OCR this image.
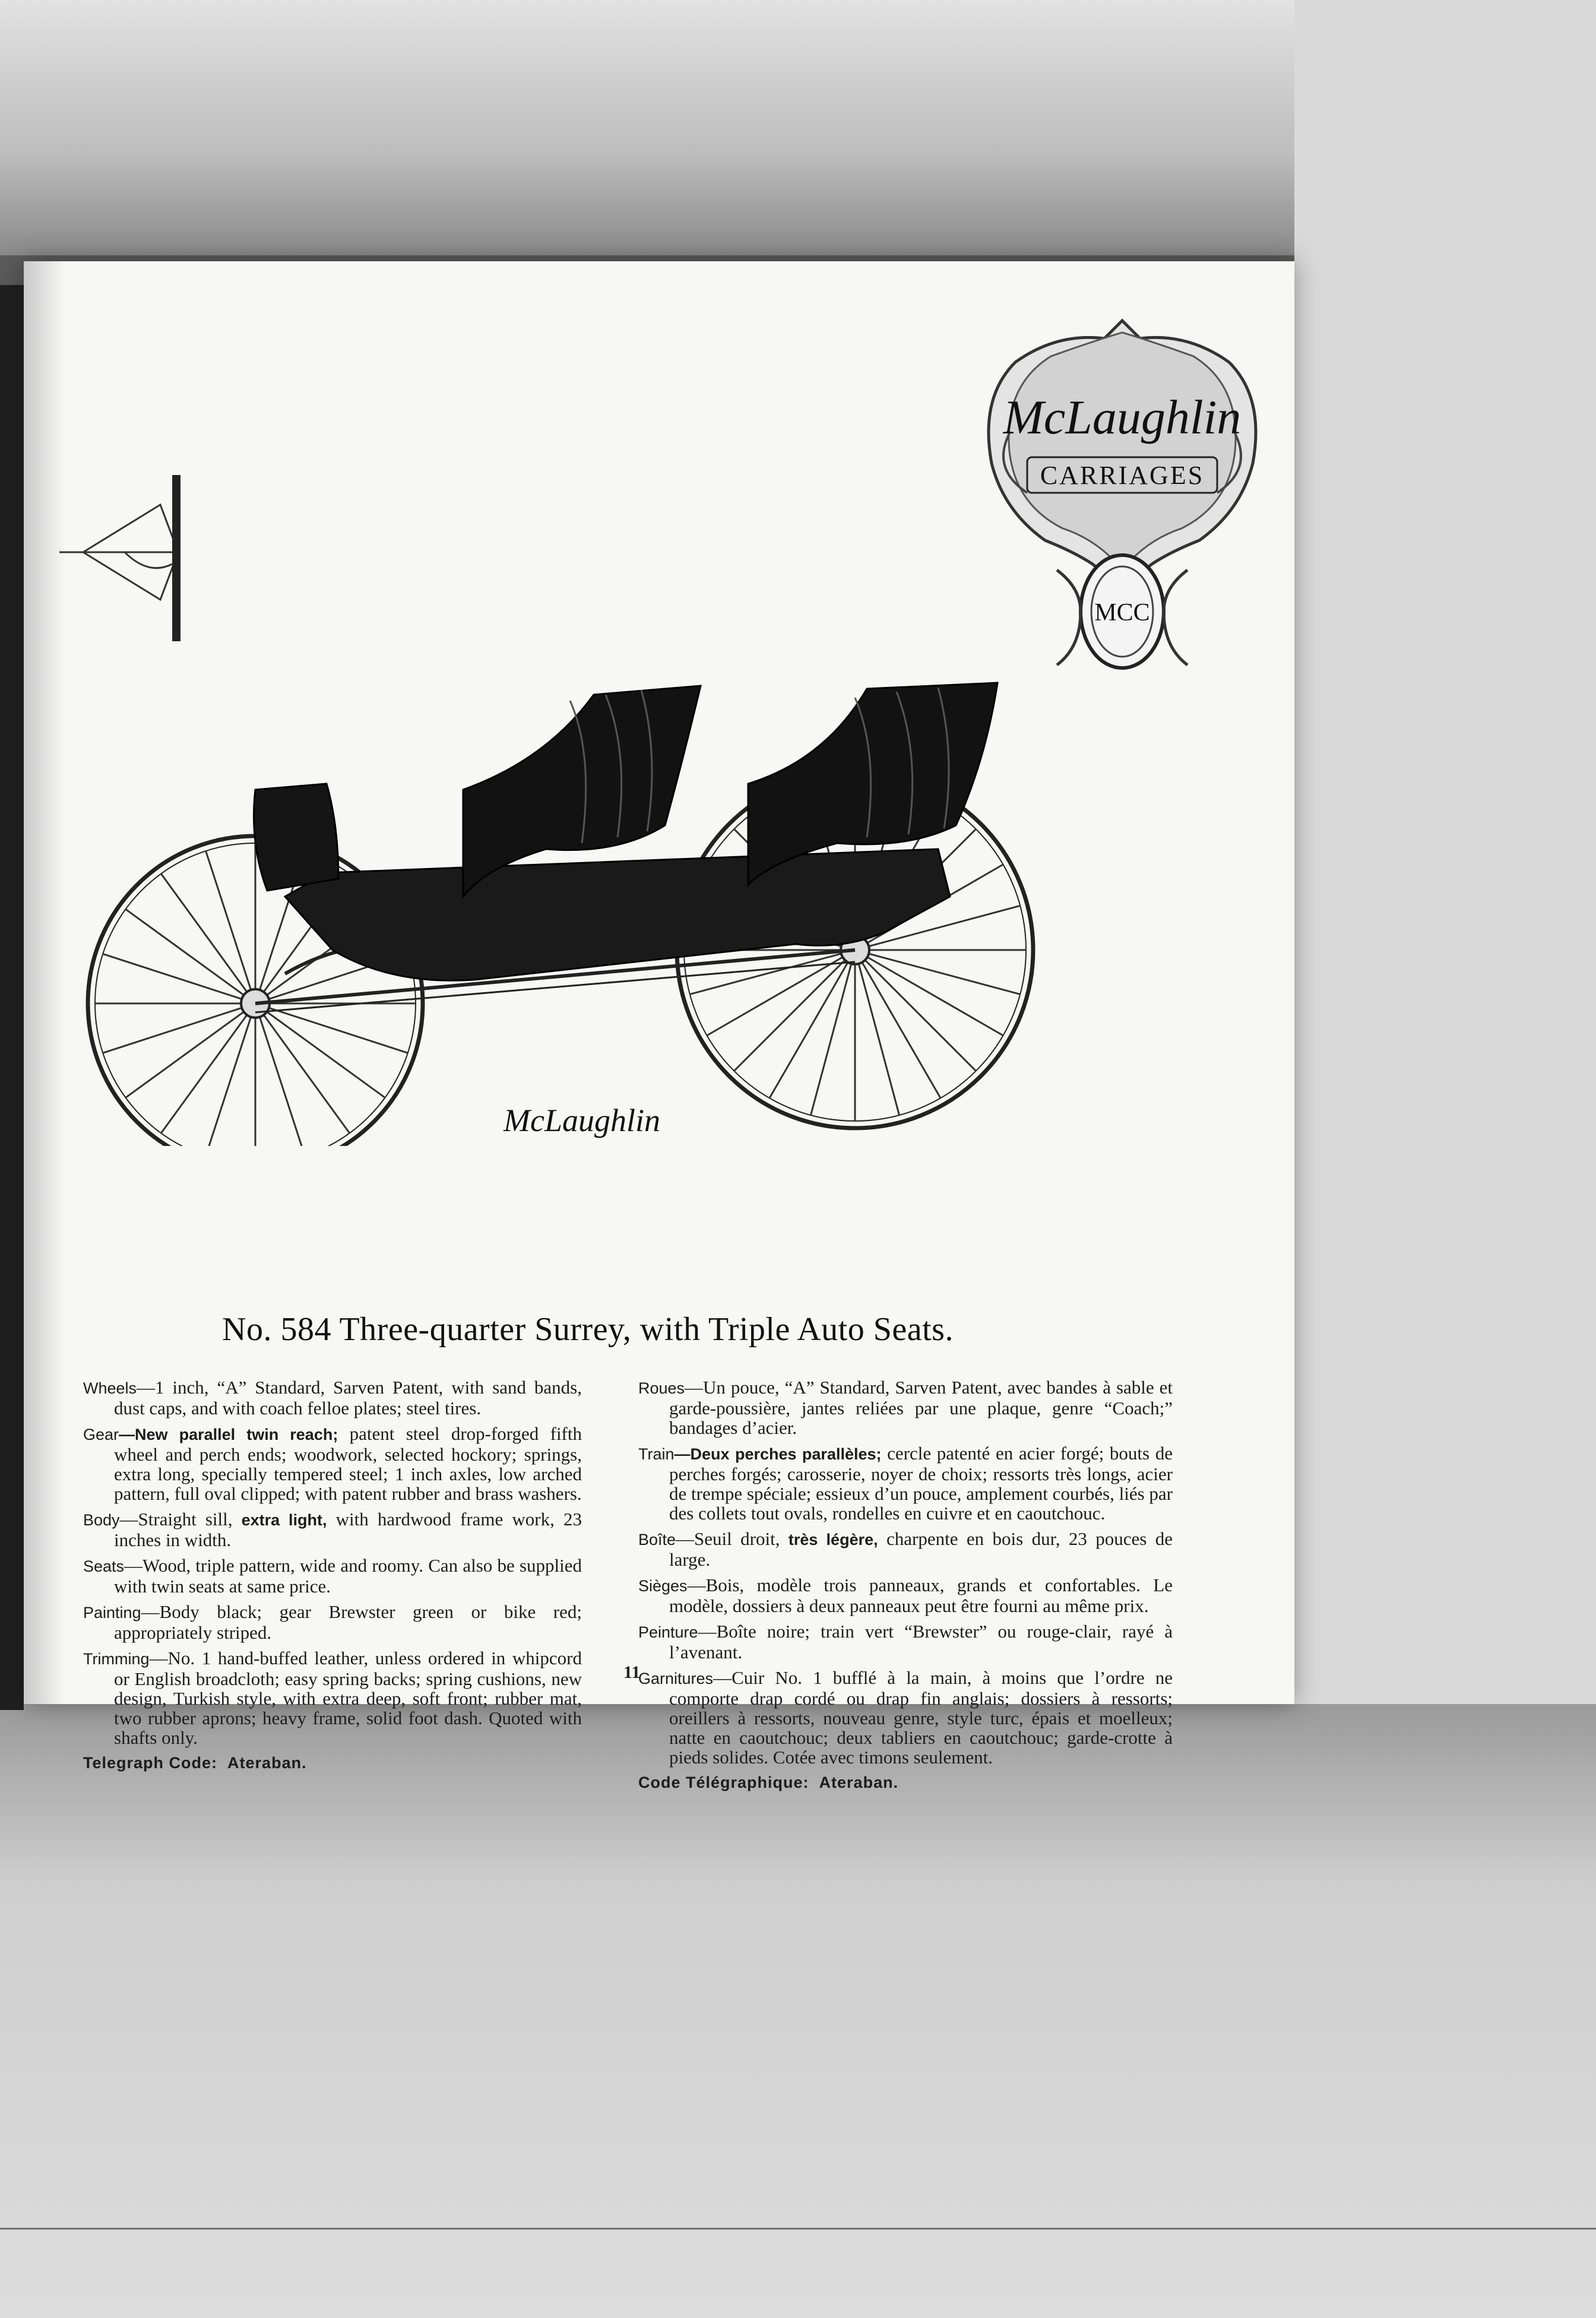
McLaughlin
CARRIAGES
MCC
McLaughlin
No. 584 Three-quarter Surrey, with Triple Auto Seats.
Wheels—1 inch, “A” Standard, Sarven Patent, with sand bands, dust caps, and with coach felloe plates; steel tires.
Gear—New parallel twin reach; patent steel drop-forged fifth wheel and perch ends; woodwork, selected hockory; springs, extra long, specially tempered steel; 1 inch axles, low arched pattern, full oval clipped; with patent rubber and brass washers.
Body—Straight sill, extra light, with hardwood frame work, 23 inches in width.
Seats—Wood, triple pattern, wide and roomy. Can also be supplied with twin seats at same price.
Painting—Body black; gear Brewster green or bike red; appropriately striped.
Trimming—No. 1 hand-buffed leather, unless ordered in whipcord or English broadcloth; easy spring backs; spring cushions, new design, Turkish style, with extra deep, soft front; rubber mat, two rubber aprons; heavy frame, solid foot dash. Quoted with shafts only.
Telegraph Code: Ateraban.
Roues—Un pouce, “A” Standard, Sarven Patent, avec bandes à sable et garde-poussière, jantes reliées par une plaque, genre “Coach;” bandages d’acier.
Train—Deux perches parallèles; cercle patenté en acier forgé; bouts de perches forgés; carosserie, noyer de choix; ressorts très longs, acier de trempe spéciale; essieux d’un pouce, amplement courbés, liés par des collets tout ovals, rondelles en cuivre et en caoutchouc.
Boîte—Seuil droit, très légère, charpente en bois dur, 23 pouces de large.
Sièges—Bois, modèle trois panneaux, grands et confortables. Le modèle, dossiers à deux panneaux peut être fourni au même prix.
Peinture—Boîte noire; train vert “Brewster” ou rouge-clair, rayé à l’avenant.
Garnitures—Cuir No. 1 bufflé à la main, à moins que l’ordre ne comporte drap cordé ou drap fin anglais; dossiers à ressorts; oreillers à ressorts, nouveau genre, style turc, épais et moelleux; natte en caoutchouc; deux tabliers en caoutchouc; garde-crotte à pieds solides. Cotée avec timons seulement.
Code Télégraphique: Ateraban.
11
